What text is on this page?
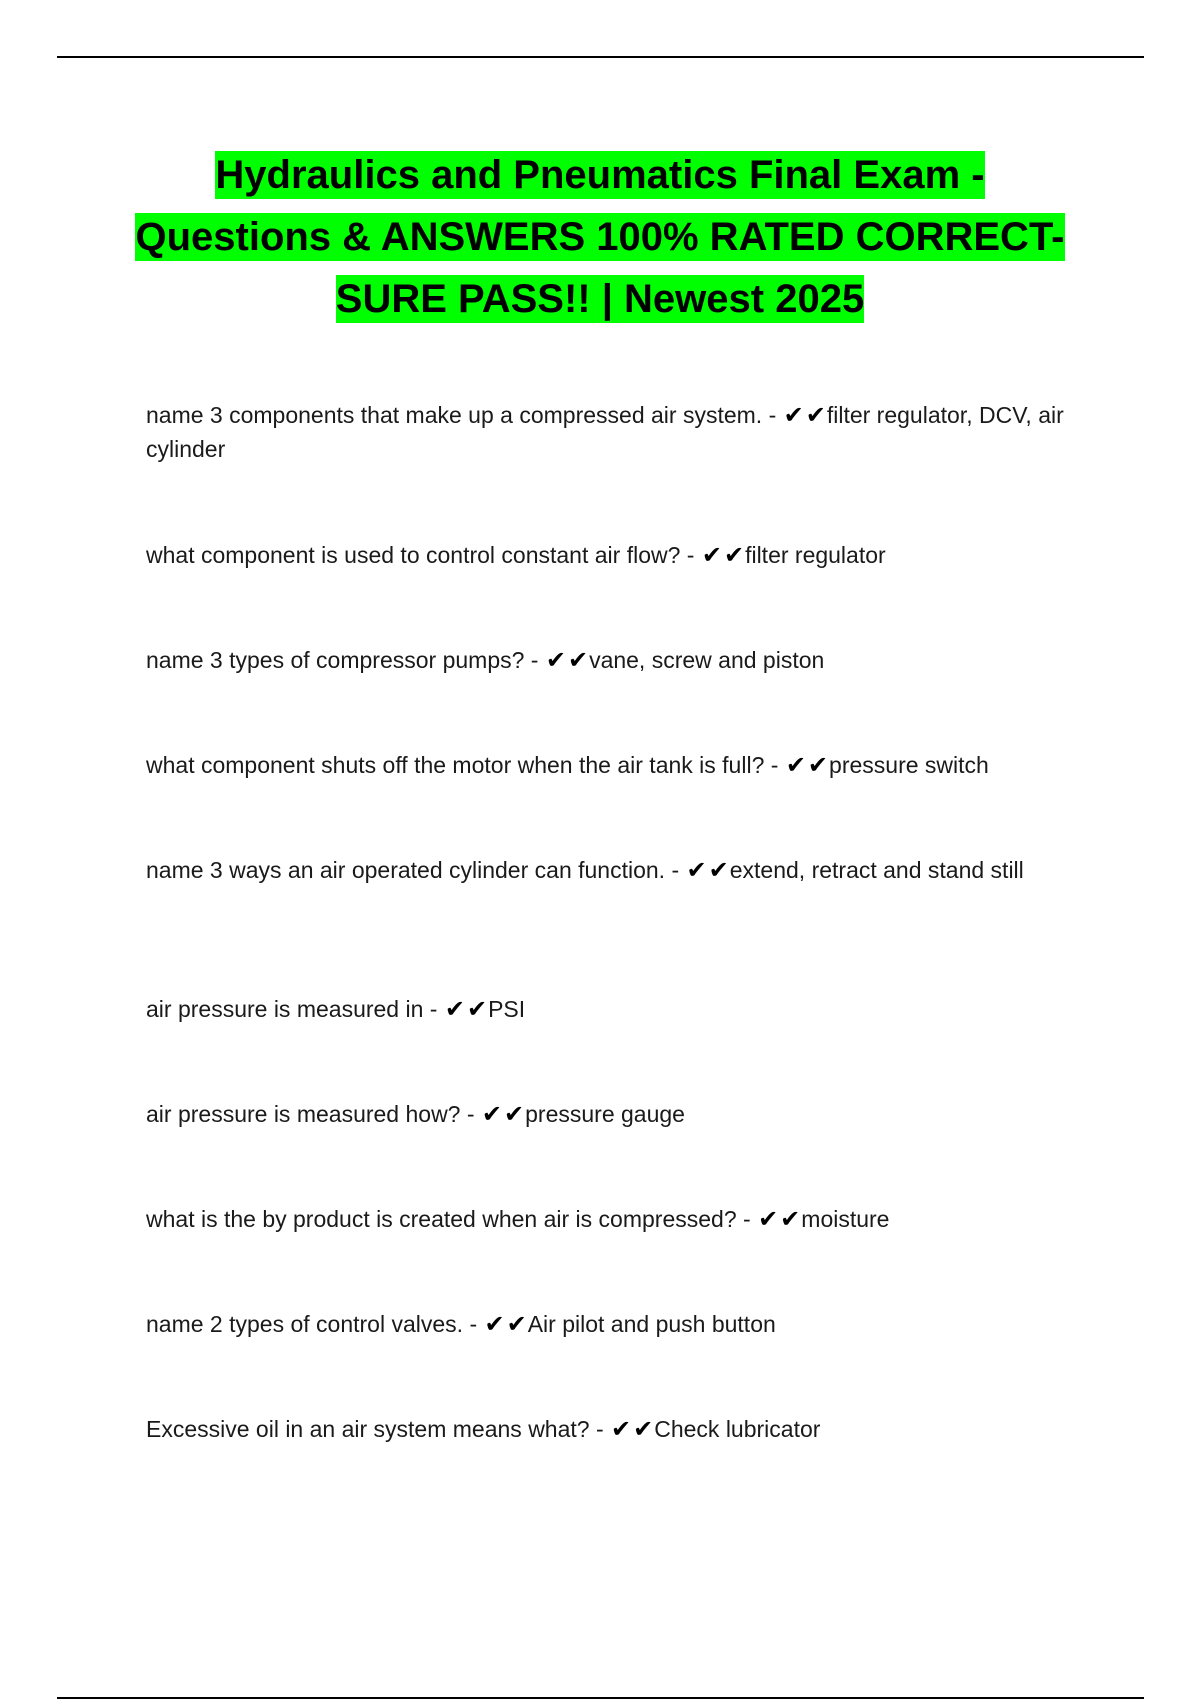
Hydraulics and Pneumatics Final Exam -
Questions & ANSWERS 100% RATED CORRECT-
SURE PASS!! | Newest 2025
name 3 components that make up a compressed air system. - ✔✔filter regulator, DCV, air cylinder
what component is used to control constant air flow? - ✔✔filter regulator
name 3 types of compressor pumps? - ✔✔vane, screw and piston
what component shuts off the motor when the air tank is full? - ✔✔pressure switch
name 3 ways an air operated cylinder can function. - ✔✔extend, retract and stand still
air pressure is measured in - ✔✔PSI
air pressure is measured how? - ✔✔pressure gauge
what is the by product is created when air is compressed? - ✔✔moisture
name 2 types of control valves. - ✔✔Air pilot and push button
Excessive oil in an air system means what? - ✔✔Check lubricator
